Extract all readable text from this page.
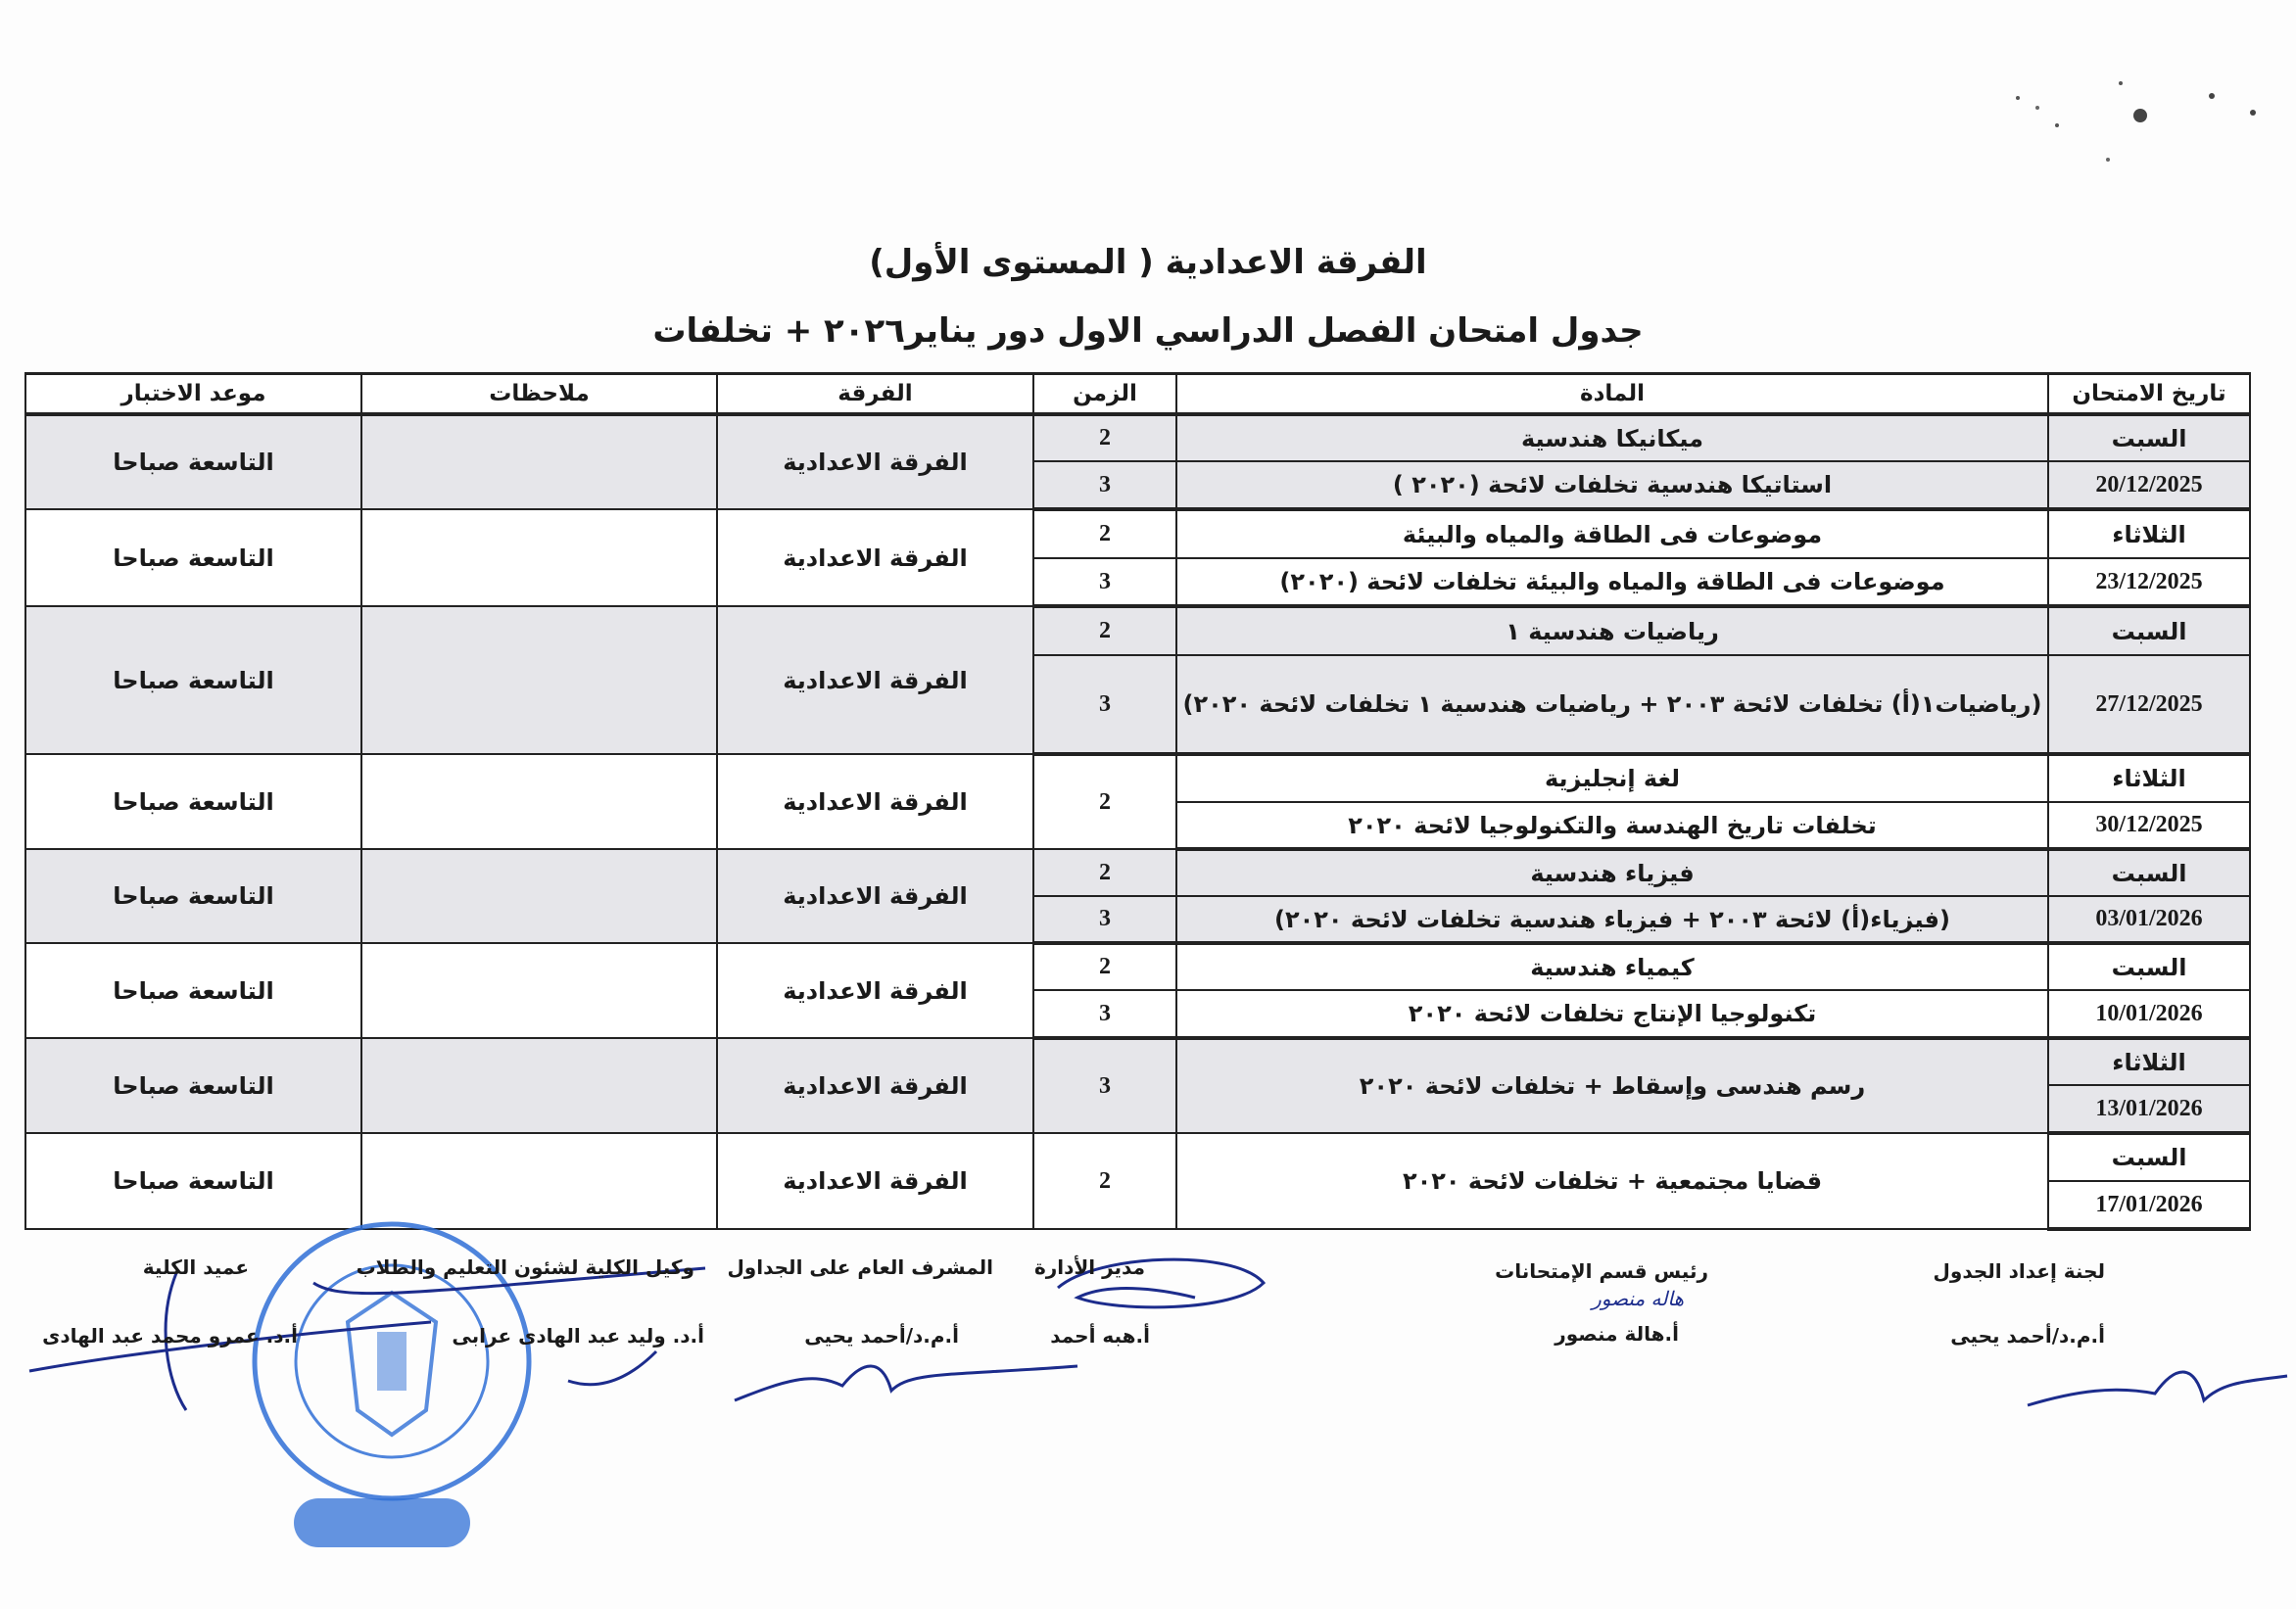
الفرقة الاعدادية ( المستوى الأول)
جدول امتحان الفصل الدراسي الاول دور يناير٢٠٢٦ + تخلفات
تاريخ الامتحان	المادة	الزمن	الفرقة	ملاحظات	موعد الاختبار
السبت	ميكانيكا هندسية	2	الفرقة الاعدادية		التاسعة صباحا
20/12/2025	استاتيكا هندسية تخلفات لائحة (٢٠٢٠ )	3			
الثلاثاء	موضوعات فى الطاقة والمياه والبيئة	2	الفرقة الاعدادية		التاسعة صباحا
23/12/2025	موضوعات فى الطاقة والمياه والبيئة تخلفات لائحة (٢٠٢٠)	3			
السبت	رياضيات هندسية ١	2	الفرقة الاعدادية		التاسعة صباحا
27/12/2025	(رياضيات١(أ) تخلفات لائحة ٢٠٠٣ + رياضيات هندسية ١ تخلفات لائحة ٢٠٢٠)	3			
الثلاثاء	لغة إنجليزية	2	الفرقة الاعدادية		التاسعة صباحا
30/12/2025	تخلفات تاريخ الهندسة والتكنولوجيا لائحة ٢٠٢٠				
السبت	فيزياء هندسية	2	الفرقة الاعدادية		التاسعة صباحا
03/01/2026	(فيزياء(أ) لائحة ٢٠٠٣ + فيزياء هندسية تخلفات لائحة ٢٠٢٠)	3			
السبت	كيمياء هندسية	2	الفرقة الاعدادية		التاسعة صباحا
10/01/2026	تكنولوجيا الإنتاج تخلفات لائحة ٢٠٢٠	3			
الثلاثاء	رسم هندسى وإسقاط + تخلفات لائحة ٢٠٢٠	3	الفرقة الاعدادية		التاسعة صباحا
13/01/2026					
السبت	قضايا مجتمعية + تخلفات لائحة ٢٠٢٠	2	الفرقة الاعدادية		التاسعة صباحا
17/01/2026					
لجنة إعداد الجدول
أ.م.د/أحمد يحيى
رئيس قسم الإمتحانات
هاله منصور
أ.هالة منصور
مدير الأدارة
أ.هبه أحمد
المشرف العام على الجداول
أ.م.د/أحمد يحيى
وكيل الكلية لشئون التعليم والطلاب
أ.د. وليد عبد الهادى عرابى
عميد الكلية
أ.د. عمرو محمد عبد الهادى
